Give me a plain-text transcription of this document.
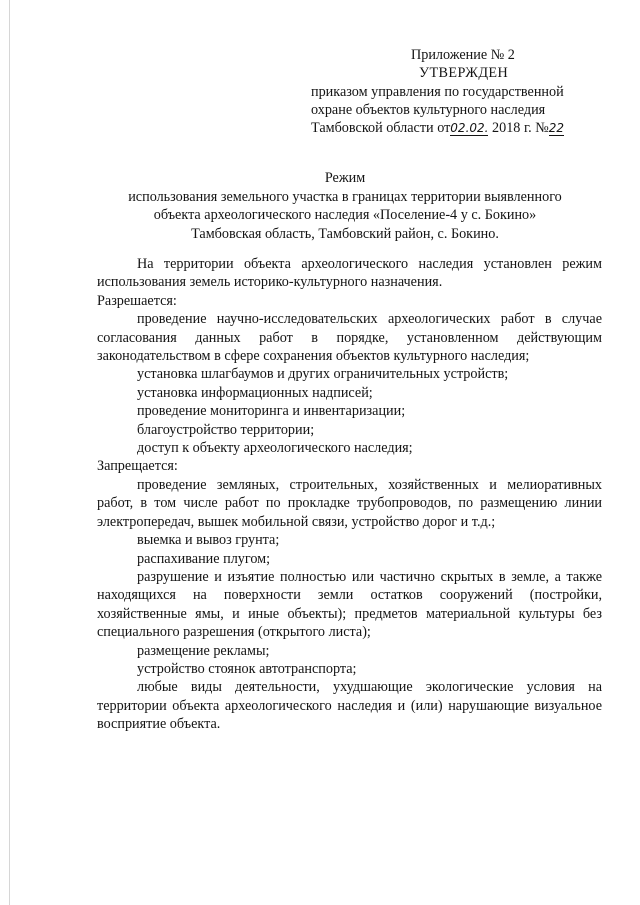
Приложение № 2
УТВЕРЖДЕН
приказом управления по государственной
охране объектов культурного наследия
Тамбовской области от02.02. 2018 г. №22
Режим
использования земельного участка в границах территории выявленного
объекта археологического наследия «Поселение-4 у с. Бокино»
Тамбовская область, Тамбовский район, с. Бокино.

На территории объекта археологического наследия установлен режим использования земель историко-культурного назначения.

Разрешается:

проведение научно-исследовательских археологических работ в случае согласования данных работ в порядке, установленном действующим законодательством в сфере сохранения объектов культурного наследия;

установка шлагбаумов и других ограничительных устройств;

установка информационных надписей;

проведение мониторинга и инвентаризации;

благоустройство территории;

доступ к объекту археологического наследия;

Запрещается:

проведение земляных, строительных, хозяйственных и мелиоративных работ, в том числе работ по прокладке трубопроводов, по размещению линии электропередач, вышек мобильной связи, устройство дорог и т.д.;

выемка и вывоз грунта;

распахивание плугом;

разрушение и изъятие полностью или частично скрытых в земле, а также находящихся на поверхности земли остатков сооружений (постройки, хозяйственные ямы, и иные объекты); предметов материальной культуры без специального разрешения (открытого листа);

размещение рекламы;

устройство стоянок автотранспорта;

любые виды деятельности, ухудшающие экологические условия на территории объекта археологического наследия и (или) нарушающие визуальное восприятие объекта.
